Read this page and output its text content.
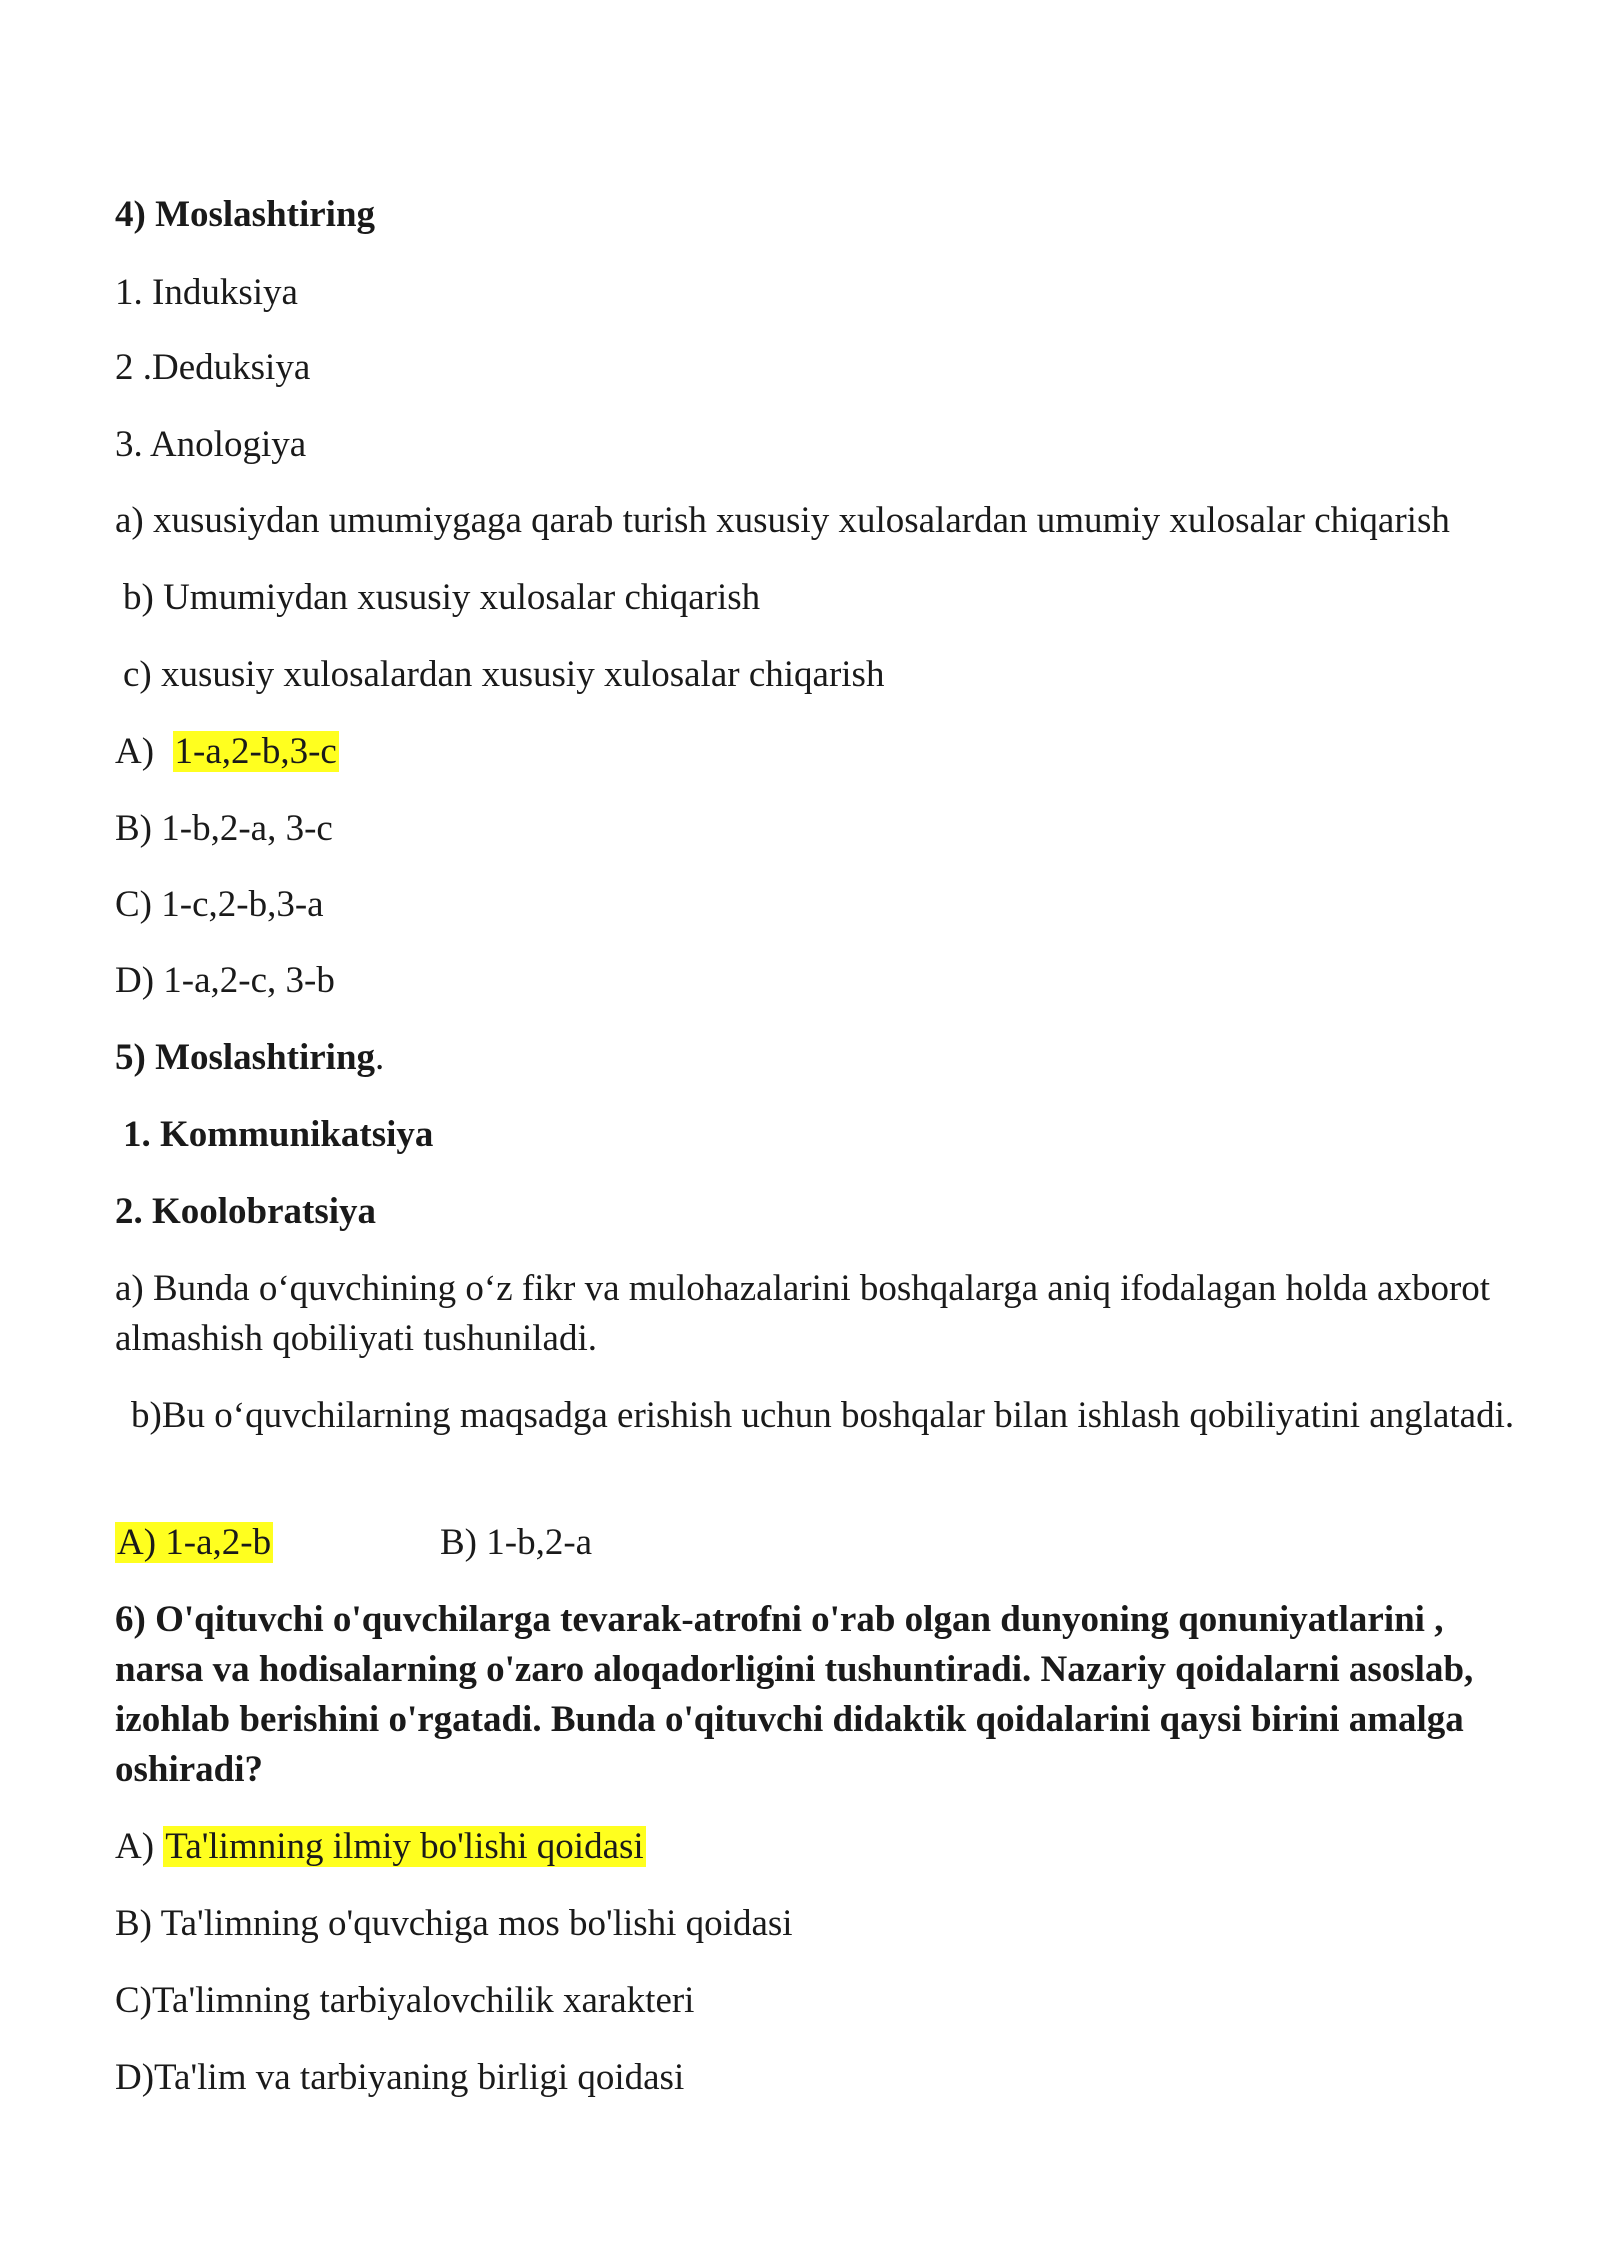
4) Moslashtiring
1. Induksiya
2 .Deduksiya
3. Anologiya
a) xususiydan umumiygaga qarab turish xususiy xulosalardan umumiy xulosalar chiqarish
b) Umumiydan xususiy xulosalar chiqarish
c) xususiy xulosalardan xususiy xulosalar chiqarish
A) 1-a,2-b,3-c
B) 1-b,2-a, 3-c
C) 1-c,2-b,3-a
D) 1-a,2-c, 3-b
5) Moslashtiring.
1. Kommunikatsiya
2. Koolobratsiya
a) Bunda o‘quvchining o‘z fikr va mulohazalarini boshqalarga aniq ifodalagan holda axborot almashish qobiliyati tushuniladi.
b)Bu o‘quvchilarning maqsadga erishish uchun boshqalar bilan ishlash qobiliyatini anglatadi.
A) 1-a,2-b	B) 1-b,2-a
6) O'qituvchi o'quvchilarga tevarak-atrofni o'rab olgan dunyoning qonuniyatlarini , narsa va hodisalarning o'zaro aloqadorligini tushuntiradi. Nazariy qoidalarni asoslab, izohlab berishini o'rgatadi. Bunda o'qituvchi didaktik qoidalarini qaysi birini amalga oshiradi?
A) Ta'limning ilmiy bo'lishi qoidasi
B) Ta'limning o'quvchiga mos bo'lishi qoidasi
C)Ta'limning tarbiyalovchilik xarakteri
D)Ta'lim va tarbiyaning birligi qoidasi
